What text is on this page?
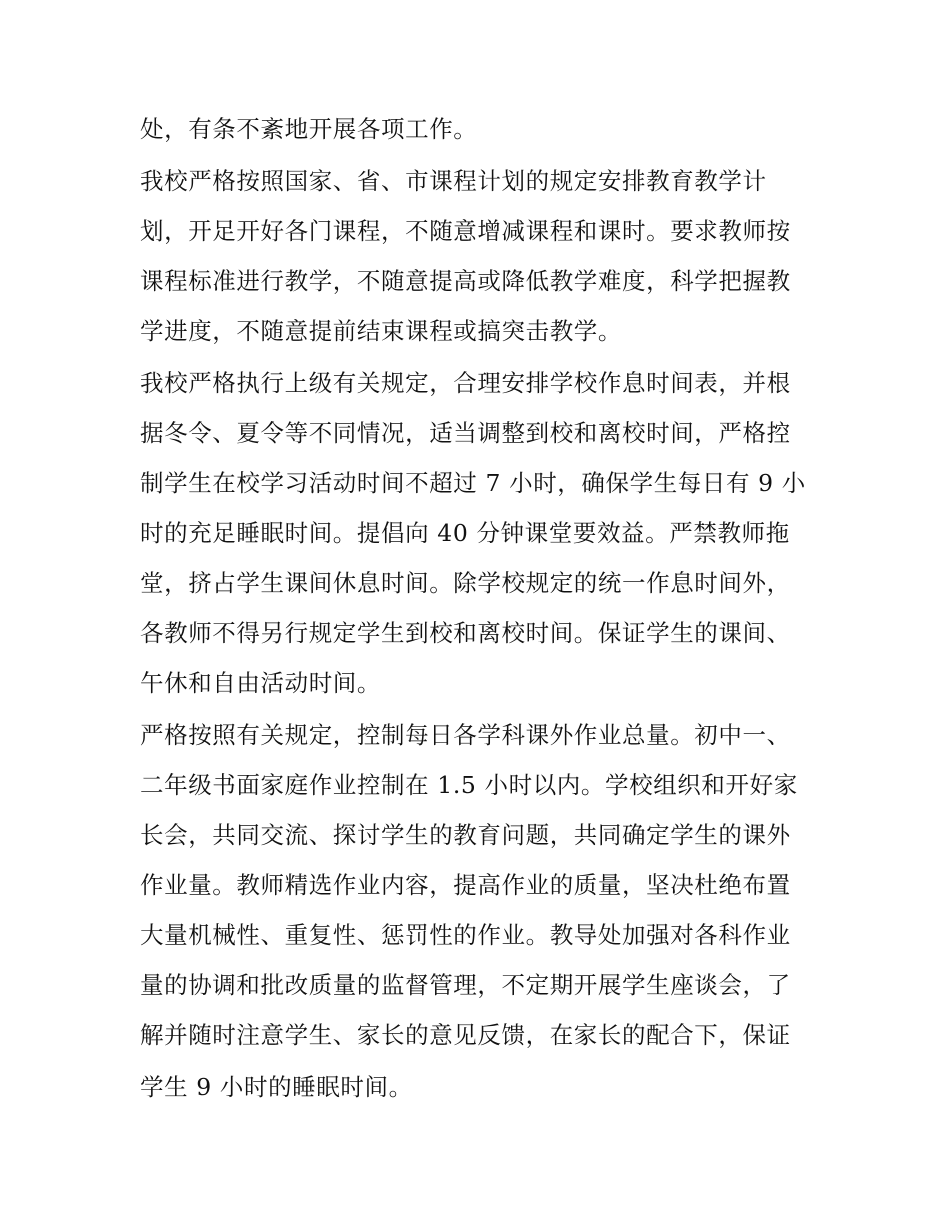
处，有条不紊地开展各项工作。
我校严格按照国家、省、市课程计划的规定安排教育教学计
划，开足开好各门课程，不随意增减课程和课时。要求教师按
课程标准进行教学，不随意提高或降低教学难度，科学把握教
学进度，不随意提前结束课程或搞突击教学。
我校严格执行上级有关规定，合理安排学校作息时间表，并根
据冬令、夏令等不同情况，适当调整到校和离校时间，严格控
制学生在校学习活动时间不超过 7 小时，确保学生每日有 9 小
时的充足睡眠时间。提倡向 40 分钟课堂要效益。严禁教师拖
堂，挤占学生课间休息时间。除学校规定的统一作息时间外，
各教师不得另行规定学生到校和离校时间。保证学生的课间、
午休和自由活动时间。
严格按照有关规定，控制每日各学科课外作业总量。初中一、
二年级书面家庭作业控制在 1.5 小时以内。学校组织和开好家
长会，共同交流、探讨学生的教育问题，共同确定学生的课外
作业量。教师精选作业内容，提高作业的质量，坚决杜绝布置
大量机械性、重复性、惩罚性的作业。教导处加强对各科作业
量的协调和批改质量的监督管理，不定期开展学生座谈会，了
解并随时注意学生、家长的意见反馈，在家长的配合下，保证
学生 9 小时的睡眠时间。
